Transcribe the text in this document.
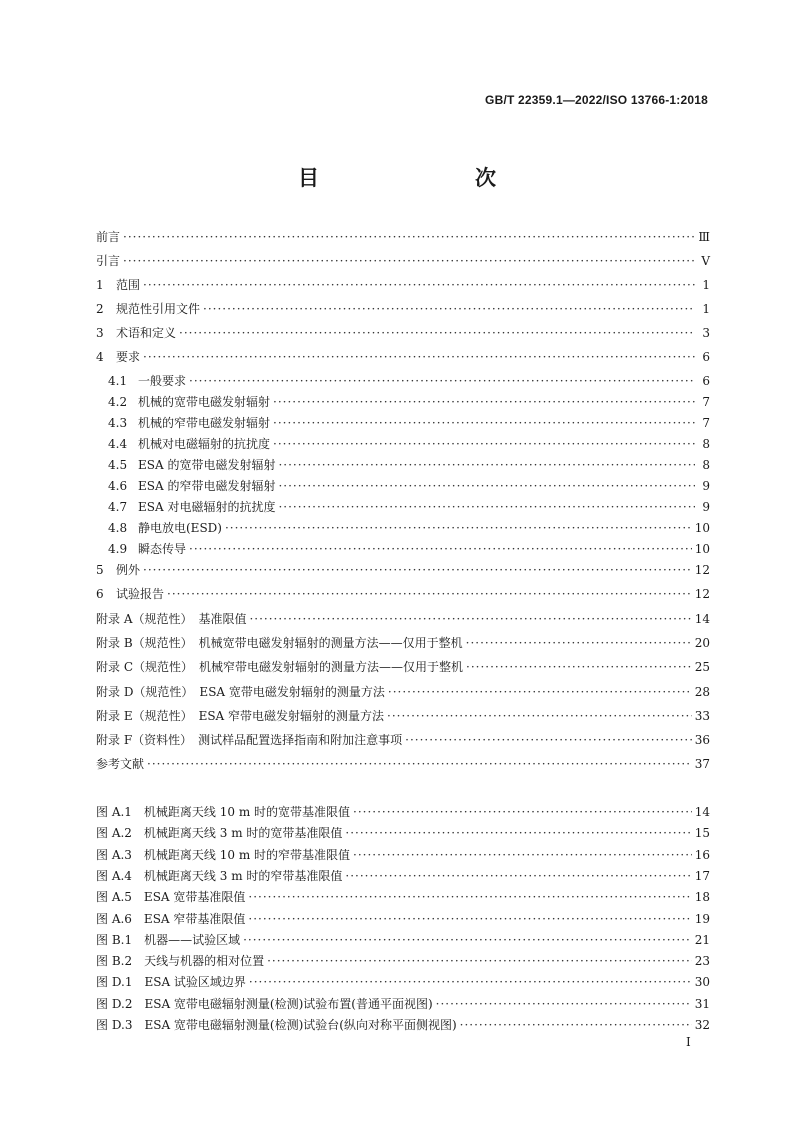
GB/T 22359.1—2022/ISO 13766-1:2018
目　　次
前言 ·····	Ⅲ
引言 ·····	Ⅴ
1 范围 ·····	1
2 规范性引用文件 ·····	1
3 术语和定义 ·····	3
4 要求 ·····	6
4.1 一般要求 ·····	6
4.2 机械的宽带电磁发射辐射 ·····	7
4.3 机械的窄带电磁发射辐射 ·····	7
4.4 机械对电磁辐射的抗扰度 ·····	8
4.5 ESA 的宽带电磁发射辐射 ·····	8
4.6 ESA 的窄带电磁发射辐射 ·····	9
4.7 ESA 对电磁辐射的抗扰度 ·····	9
4.8 静电放电(ESD) ·····	10
4.9 瞬态传导 ·····	10
5 例外 ·····	12
6 试验报告 ·····	12
附录 A（规范性）　基准限值 ·····	14
附录 B（规范性）　机械宽带电磁发射辐射的测量方法——仅用于整机 ·····	20
附录 C（规范性）　机械窄带电磁发射辐射的测量方法——仅用于整机 ·····	25
附录 D（规范性）　ESA 宽带电磁发射辐射的测量方法 ·····	28
附录 E（规范性）　ESA 窄带电磁发射辐射的测量方法 ·····	33
附录 F（资料性）　测试样品配置选择指南和附加注意事项 ·····	36
参考文献 ·····	37
图 A.1　机械距离天线 10 m 时的宽带基准限值 ·····	14
图 A.2　机械距离天线 3 m 时的宽带基准限值 ·····	15
图 A.3　机械距离天线 10 m 时的窄带基准限值 ·····	16
图 A.4　机械距离天线 3 m 时的窄带基准限值 ·····	17
图 A.5　ESA 宽带基准限值 ·····	18
图 A.6　ESA 窄带基准限值 ·····	19
图 B.1　机器——试验区域 ·····	21
图 B.2　天线与机器的相对位置 ·····	23
图 D.1　ESA 试验区域边界 ·····	30
图 D.2　ESA 宽带电磁辐射测量(检测)试验布置(普通平面视图) ·····	31
图 D.3　ESA 宽带电磁辐射测量(检测)试验台(纵向对称平面侧视图) ·····	32
I
